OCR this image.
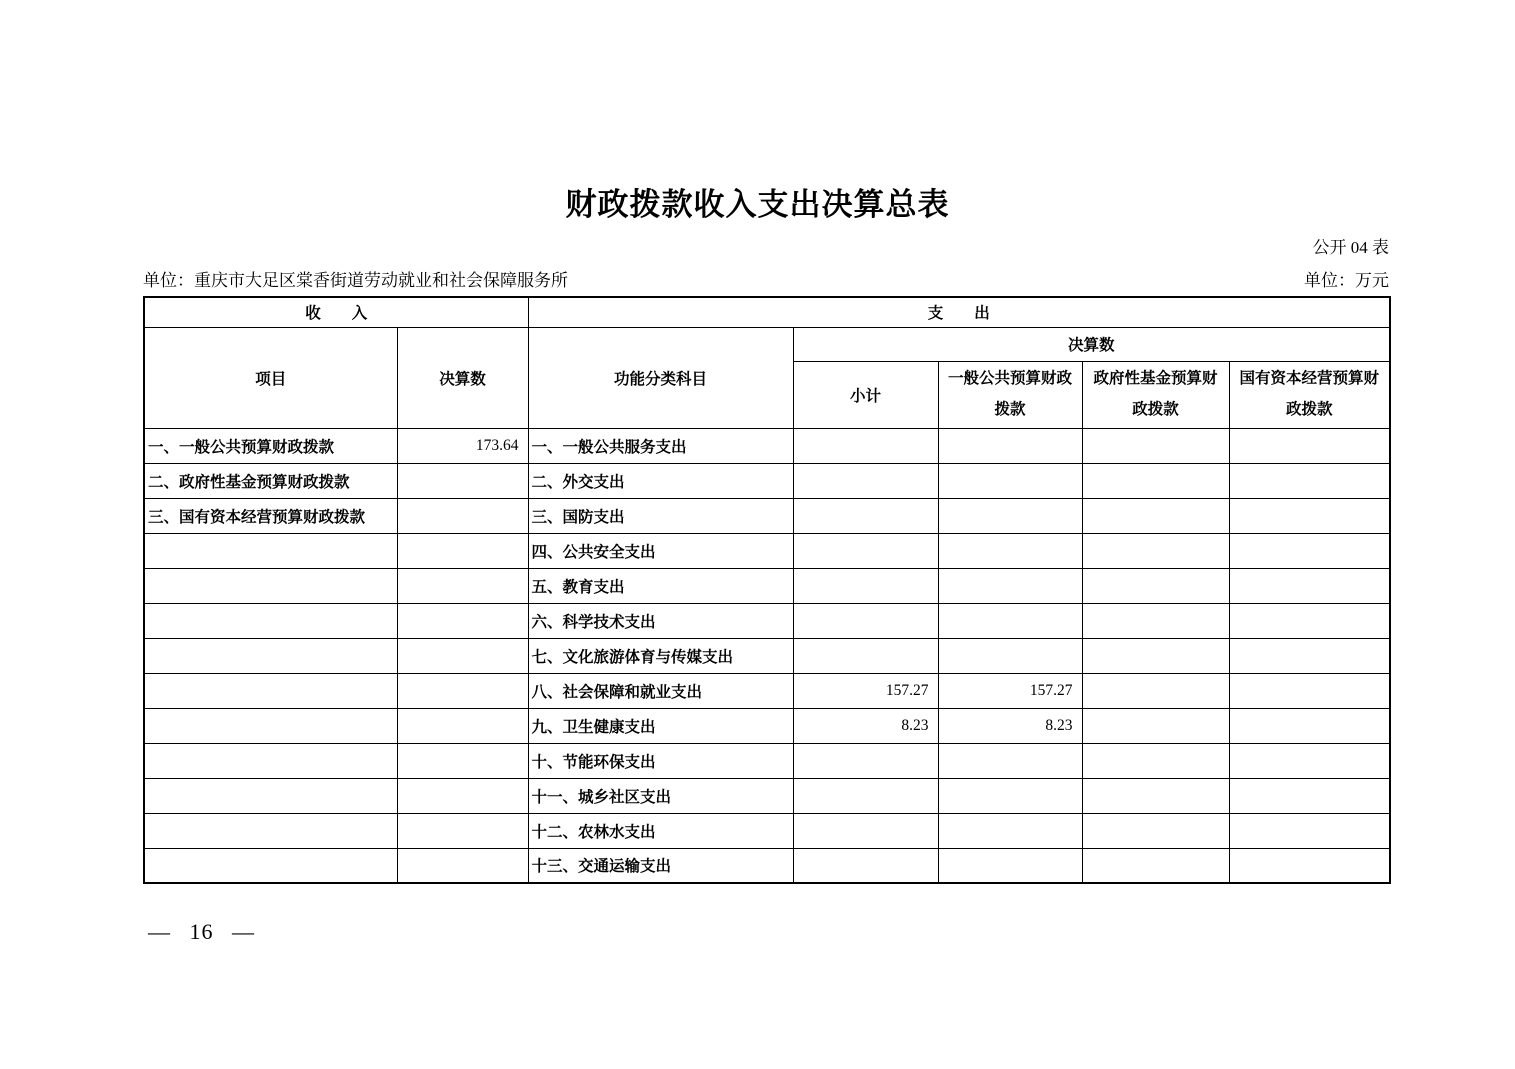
财政拨款收入支出决算总表
公开 04 表
单位：重庆市大足区棠香街道劳动就业和社会保障服务所	单位：万元
收　　入		支　　出				
项目	决算数	功能分类科目	决算数			
			小计	一般公共预算财政拨款	政府性基金预算财政拨款	国有资本经营预算财政拨款
一、一般公共预算财政拨款	173.64	一、一般公共服务支出				
二、政府性基金预算财政拨款		二、外交支出				
三、国有资本经营预算财政拨款		三、国防支出				
		四、公共安全支出				
		五、教育支出				
		六、科学技术支出				
		七、文化旅游体育与传媒支出				
		八、社会保障和就业支出	157.27	157.27		
		九、卫生健康支出	8.23	8.23		
		十、节能环保支出				
		十一、城乡社区支出				
		十二、农林水支出				
		十三、交通运输支出				
— 16 —
